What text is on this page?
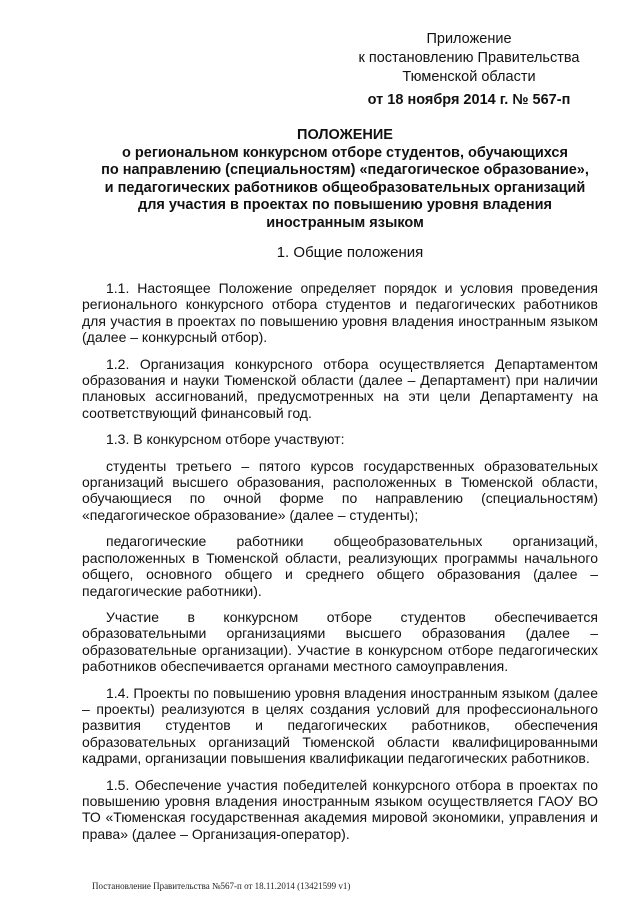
Приложение
к постановлению Правительства
Тюменской области
от 18 ноября 2014 г. № 567-п
ПОЛОЖЕНИЕ
о региональном конкурсном отборе студентов, обучающихся
по направлению (специальностям) «педагогическое образование»,
и педагогических работников общеобразовательных организаций
для участия в проектах по повышению уровня владения
иностранным языком
1. Общие положения

1.1. Настоящее Положение определяет порядок и условия проведения регионального конкурсного отбора студентов и педагогических работников для участия в проектах по повышению уровня владения иностранным языком (далее – конкурсный отбор).

1.2. Организация конкурсного отбора осуществляется Департаментом образования и науки Тюменской области (далее – Департамент) при наличии плановых ассигнований, предусмотренных на эти цели Департаменту на соответствующий финансовый год.

1.3. В конкурсном отборе участвуют:

студенты третьего – пятого курсов государственных образовательных организаций высшего образования, расположенных в Тюменской области, обучающиеся по очной форме по направлению (специальностям) «педагогическое образование» (далее – студенты);

педагогические работники общеобразовательных организаций, расположенных в Тюменской области, реализующих программы начального общего, основного общего и среднего общего образования (далее – педагогические работники).

Участие в конкурсном отборе студентов обеспечивается образовательными организациями высшего образования (далее – образовательные организации). Участие в конкурсном отборе педагогических работников обеспечивается органами местного самоуправления.

1.4. Проекты по повышению уровня владения иностранным языком (далее – проекты) реализуются в целях создания условий для профессионального развития студентов и педагогических работников, обеспечения образовательных организаций Тюменской области квалифицированными кадрами, организации повышения квалификации педагогических работников.

1.5. Обеспечение участия победителей конкурсного отбора в проектах по повышению уровня владения иностранным языком осуществляется ГАОУ ВО ТО «Тюменская государственная академия мировой экономики, управления и права» (далее – Организация-оператор).

Постановление Правительства №567-п от 18.11.2014 (13421599 v1)
